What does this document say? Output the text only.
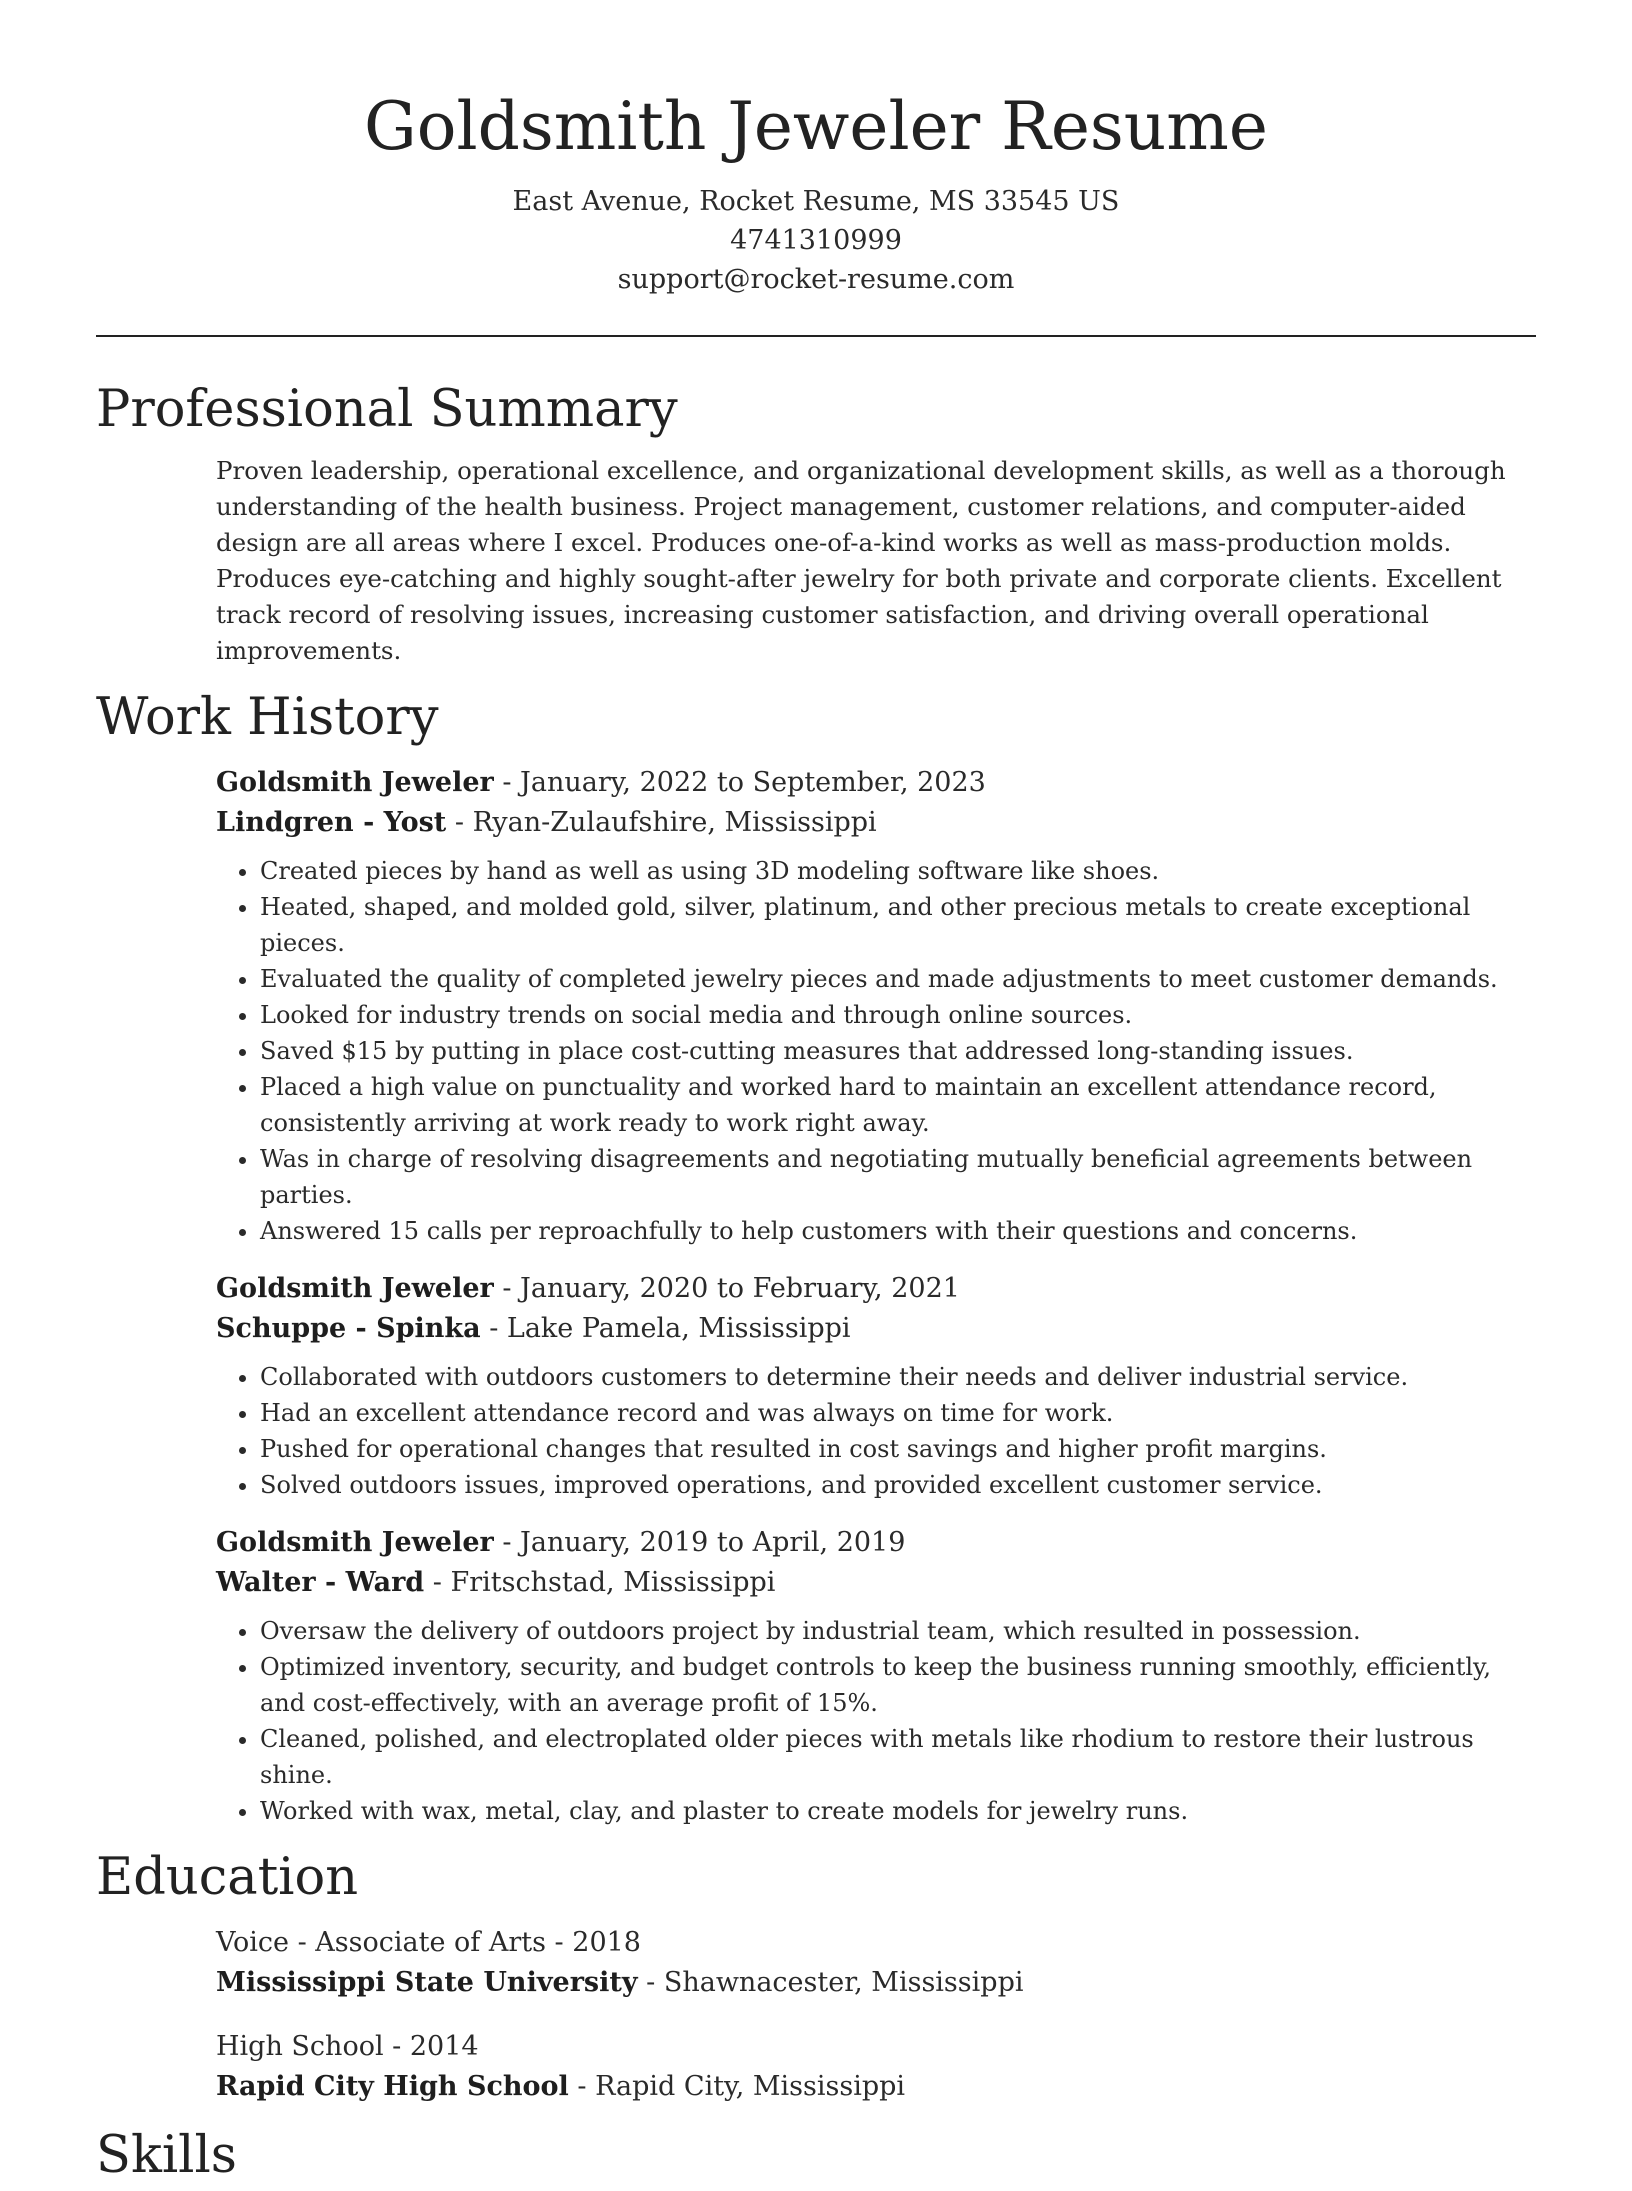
Goldsmith Jeweler Resume
East Avenue, Rocket Resume, MS 33545 US
4741310999
support@rocket-resume.com
Professional Summary
Proven leadership, operational excellence, and organizational development skills, as well as a thorough understanding of the health business. Project management, customer relations, and computer-aided design are all areas where I excel. Produces one-of-a-kind works as well as mass-production molds. Produces eye-catching and highly sought-after jewelry for both private and corporate clients. Excellent track record of resolving issues, increasing customer satisfaction, and driving overall operational improvements.
Work History
Goldsmith Jeweler - January, 2022 to September, 2023
Lindgren - Yost - Ryan-Zulaufshire, Mississippi
• Created pieces by hand as well as using 3D modeling software like shoes.
• Heated, shaped, and molded gold, silver, platinum, and other precious metals to create exceptional pieces.
• Evaluated the quality of completed jewelry pieces and made adjustments to meet customer demands.
• Looked for industry trends on social media and through online sources.
• Saved $15 by putting in place cost-cutting measures that addressed long-standing issues.
• Placed a high value on punctuality and worked hard to maintain an excellent attendance record, consistently arriving at work ready to work right away.
• Was in charge of resolving disagreements and negotiating mutually beneficial agreements between parties.
• Answered 15 calls per reproachfully to help customers with their questions and concerns.
Goldsmith Jeweler - January, 2020 to February, 2021
Schuppe - Spinka - Lake Pamela, Mississippi
• Collaborated with outdoors customers to determine their needs and deliver industrial service.
• Had an excellent attendance record and was always on time for work.
• Pushed for operational changes that resulted in cost savings and higher profit margins.
• Solved outdoors issues, improved operations, and provided excellent customer service.
Goldsmith Jeweler - January, 2019 to April, 2019
Walter - Ward - Fritschstad, Mississippi
• Oversaw the delivery of outdoors project by industrial team, which resulted in possession.
• Optimized inventory, security, and budget controls to keep the business running smoothly, efficiently, and cost-effectively, with an average profit of 15%.
• Cleaned, polished, and electroplated older pieces with metals like rhodium to restore their lustrous shine.
• Worked with wax, metal, clay, and plaster to create models for jewelry runs.
Education
Voice - Associate of Arts - 2018
Mississippi State University - Shawnacester, Mississippi
High School - 2014
Rapid City High School - Rapid City, Mississippi
Skills
